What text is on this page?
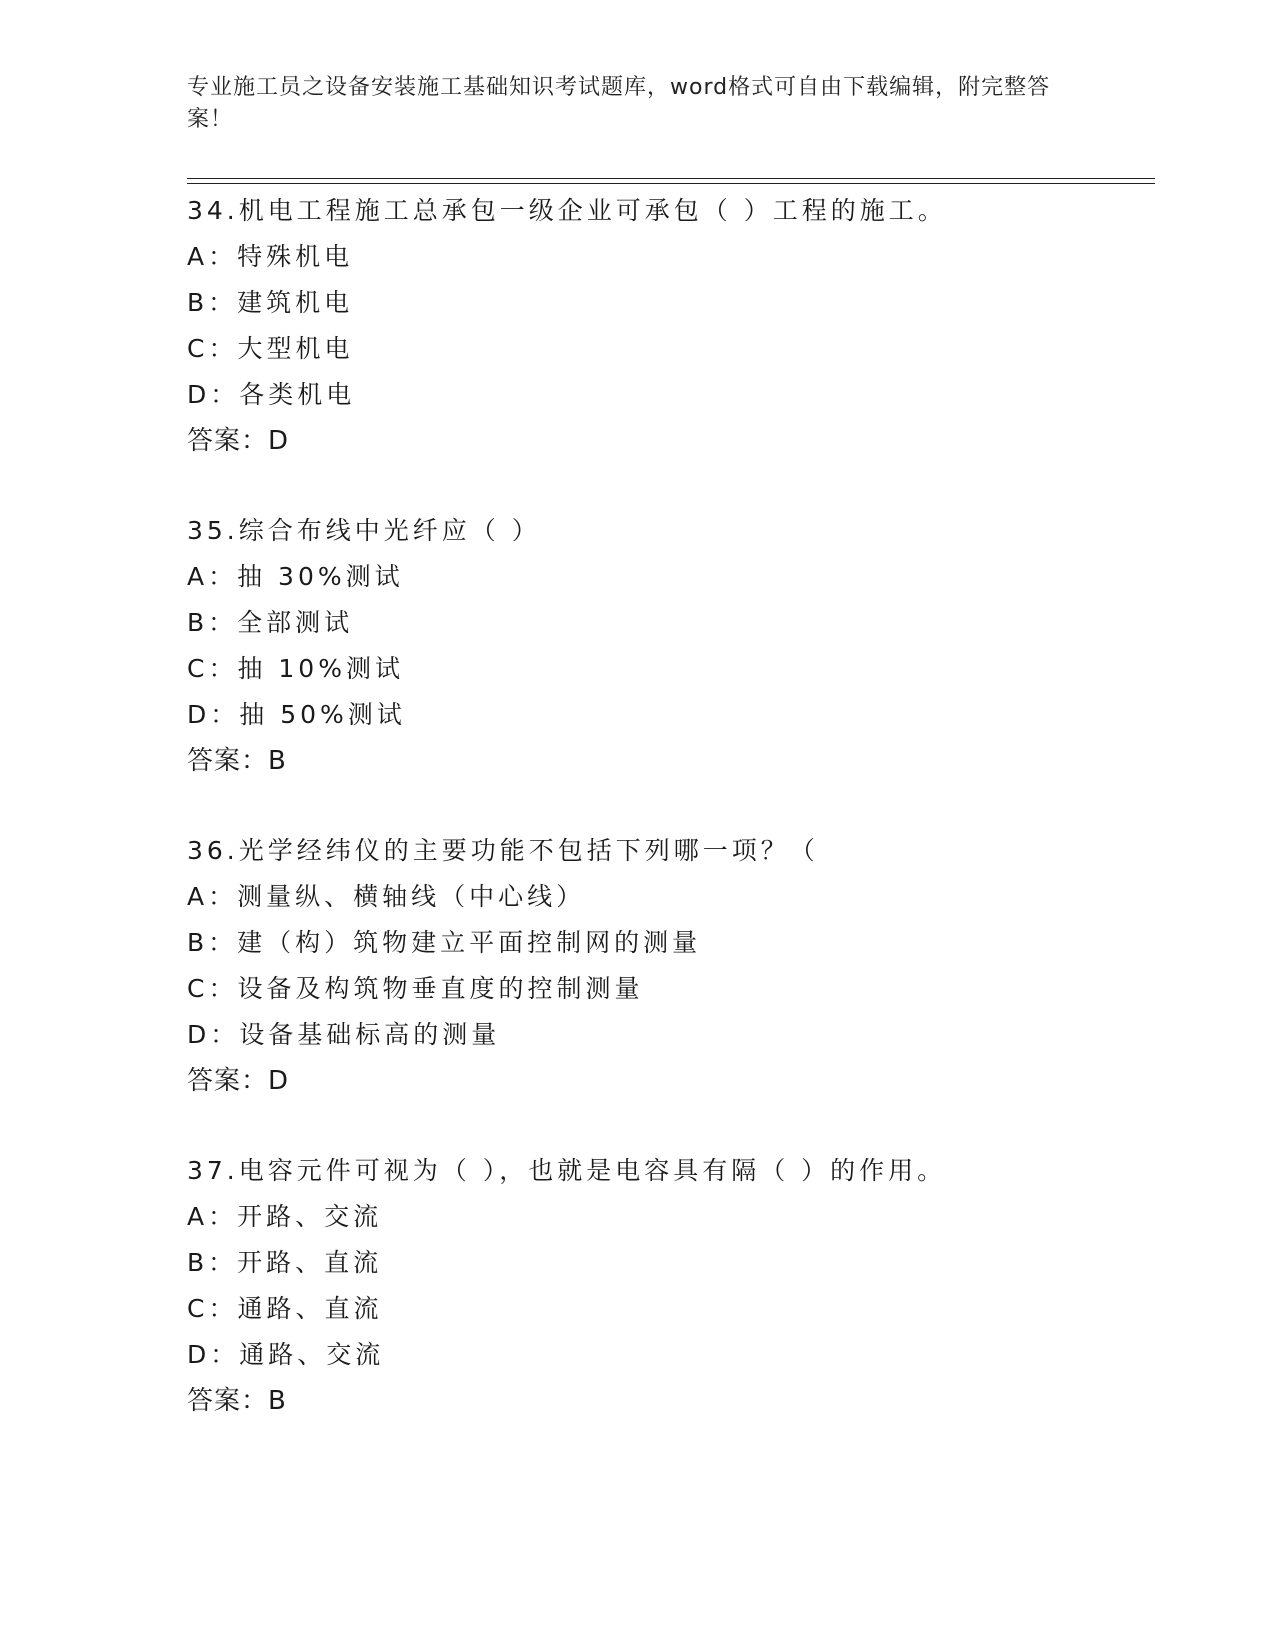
专业施工员之设备安装施工基础知识考试题库，word格式可自由下载编辑，附完整答案！
34.机电工程施工总承包一级企业可承包（ ）工程的施工。
A：特殊机电
B：建筑机电
C：大型机电
D：各类机电
答案：D
35.综合布线中光纤应（ ）
A：抽 30%测试
B：全部测试
C：抽 10%测试
D：抽 50%测试
答案：B
36.光学经纬仪的主要功能不包括下列哪一项？（
A：测量纵、横轴线（中心线）
B：建（构）筑物建立平面控制网的测量
C：设备及构筑物垂直度的控制测量
D：设备基础标高的测量
答案：D
37.电容元件可视为（ ），也就是电容具有隔（ ）的作用。
A：开路、交流
B：开路、直流
C：通路、直流
D：通路、交流
答案：B
